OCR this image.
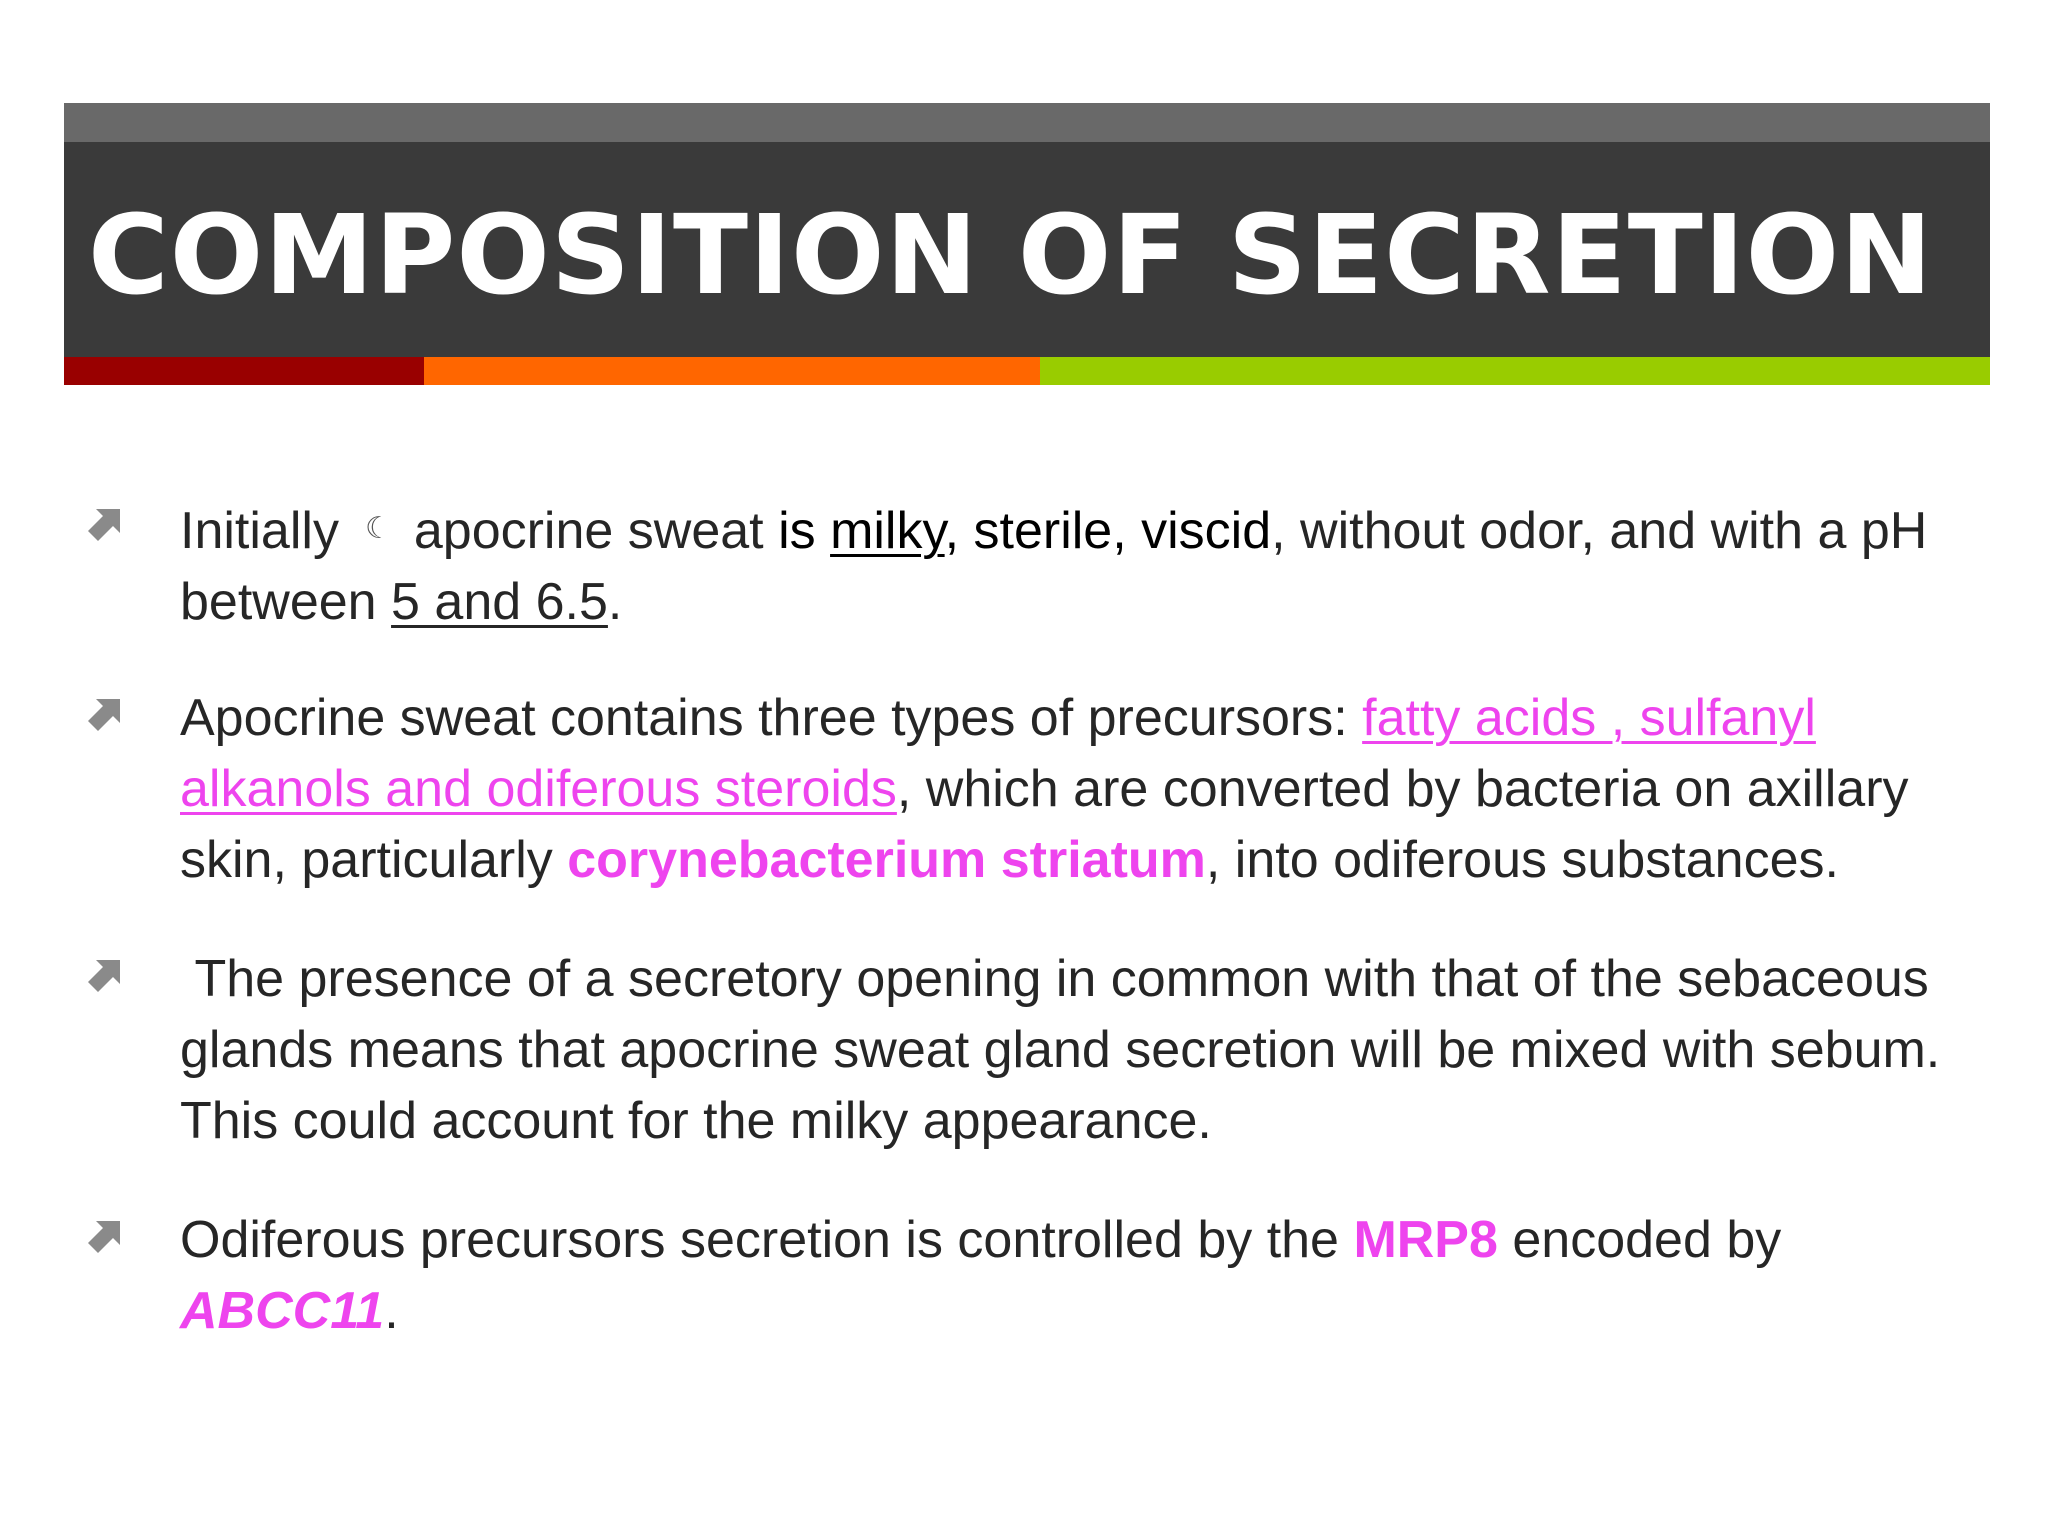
COMPOSITION OF SECRETION
Initially ☾ apocrine sweat is milky, sterile, viscid, without odor, and with a pH between 5 and 6.5.
Apocrine sweat contains three types of precursors: fatty acids , sulfanyl alkanols and odiferous steroids, which are converted by bacteria on axillary skin, particularly corynebacterium striatum, into odiferous substances.
The presence of a secretory opening in common with that of the sebaceous glands means that apocrine sweat gland secretion will be mixed with sebum. This could account for the milky appearance.
Odiferous precursors secretion is controlled by the MRP8 encoded by ABCC11.
